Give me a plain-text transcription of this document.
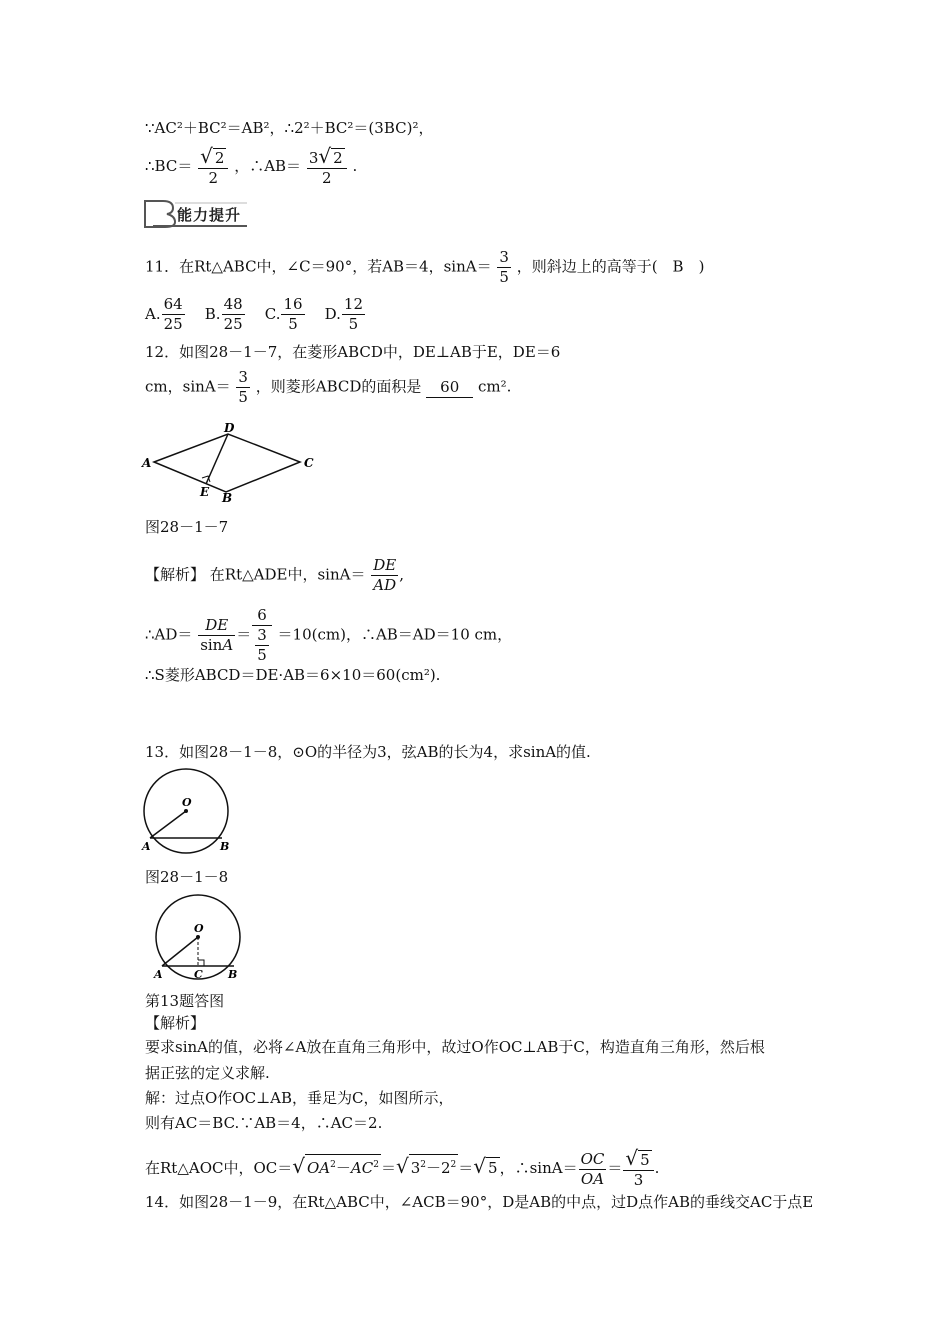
∵AC²＋BC²＝AB²，∴2²＋BC²＝(3BC)²，
∴BC＝ $\frac{√ 2}{2}$ ，∴AB＝ $\frac{3√ 2}{2}$ .
能力提升
11．在Rt△ABC中，∠C＝90°，若AB＝4，$\sin A= \frac{3}{5}$ ，则斜边上的高等于(　B　)
A. $\frac{64}{25} B$. $\frac{48}{25} C$. $\frac{16}{5} D$. $\frac{12}{5}$
12．如图28－1－7，在菱形ABCD中，DE⊥AB于E，DE＝6
cm，$\sin A= \frac{3}{5}$ ，则菱形ABCD的面积是 60 cm².
A
D
C
B
E
图28－1－7
【解析】 在Rt△ADE中，$\sin A= \frac{DE}{AD}$ ,
∴AD＝ $\frac{DE}{\sin A} = \frac{6}{\frac{3}{5}} =10(cm)$，∴AB＝AD＝10 cm，
∴S菱形ABCD＝DE·AB＝6×10＝60(cm²).
13．如图28－1－8，⊙O的半径为3，弦AB的长为4，求sinA的值.
O
A	B
图28－1－8
O
A	C B
第13题答图
【解析】
要求sinA的值，必将∠A放在直角三角形中，故过O作OC⊥AB于C，构造直角三角形，然后根
据正弦的定义求解.
解：过点O作OC⊥AB，垂足为C，如图所示，
则有AC＝BC.∵AB＝4，∴AC＝2.
在Rt△AOC中，OC＝√ $OA^2-AC^2$ ＝√ $3^2-2^2$ ＝√ 5 ，∴sinA＝ $\frac{OC}{OA} = \frac{√ 5}{3}$ .
14．如图28－1－9，在Rt△ABC中，∠ACB＝90°，D是AB的中点，过D点作AB的垂线交AC于点E
